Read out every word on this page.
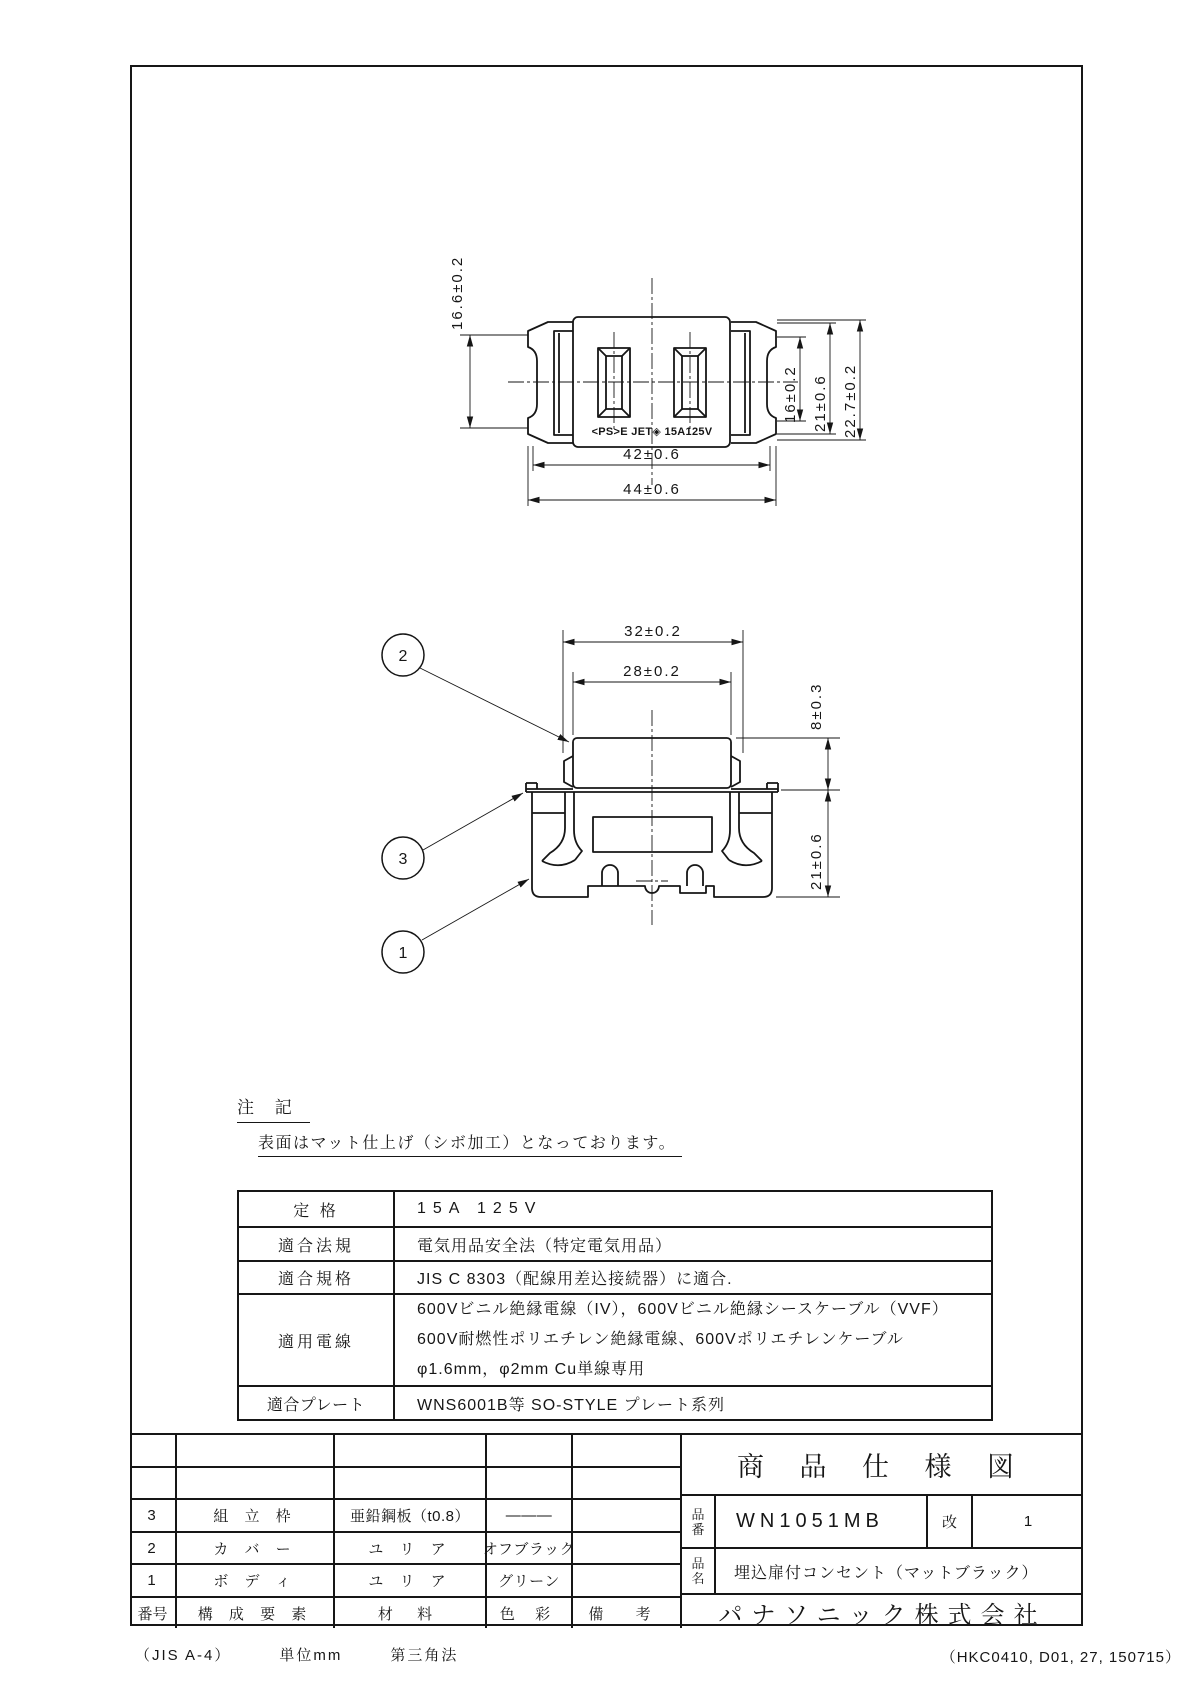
<PS>E JET◈ 15A125V
16.6±0.2
16±0.2 21±0.6 22.7±0.2
42±0.6
44±0.6
2
3
1
32±0.2
28±0.2
8±0.3
21±0.6
注 記
表面はマット仕上げ（シボ加工）となっております。
定 格	15A 125V
適合法規	電気用品安全法（特定電気用品）
適合規格	JIS C 8303（配線用差込接続器）に適合.
適用電線
600Vビニル絶縁電線（IV），600Vビニル絶縁シースケーブル（VVF）
600V耐燃性ポリエチレン絶縁電線、600Vポリエチレンケーブル
φ1.6mm，φ2mm Cu単線専用
適合プレート	WNS6001B等 SO-STYLE プレート系列
3	組 立 枠	亜鉛鋼板（t0.8）	———
2	カ バ ー	ユ リ ア	オフブラック
1	ボ デ ィ	ユ リ ア	グリーン
番号	構 成 要 素	材 料	色 彩	備 考
商 品 仕 様 図
品番	WN1051MB	改	1
品名	埋込扉付コンセント（マットブラック）
パナソニック株式会社
（JIS A-4）	単位mm	第三角法	（HKC0410, D01, 27, 150715）
